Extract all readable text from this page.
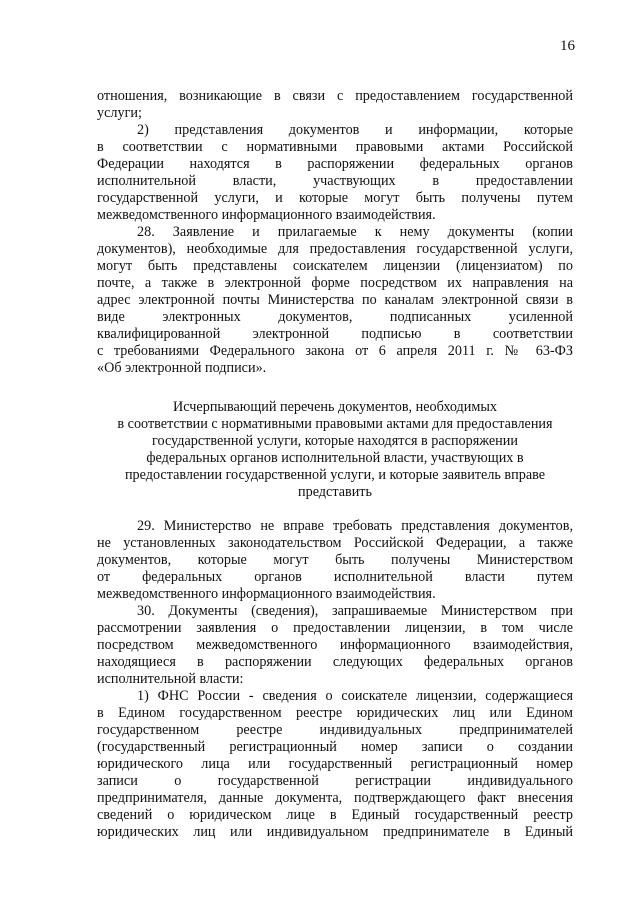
16
отношения, возникающие в связи с предоставлением государственной
услуги;
2) представления документов и информации, которые
в соответствии с нормативными правовыми актами Российской
Федерации находятся в распоряжении федеральных органов
исполнительной власти, участвующих в предоставлении
государственной услуги, и которые могут быть получены путем
межведомственного информационного взаимодействия.
28. Заявление и прилагаемые к нему документы (копии
документов), необходимые для предоставления государственной услуги,
могут быть представлены соискателем лицензии (лицензиатом) по
почте, а также в электронной форме посредством их направления на
адрес электронной почты Министерства по каналам электронной связи в
виде электронных документов, подписанных усиленной
квалифицированной электронной подписью в соответствии
с требованиями Федерального закона от 6 апреля 2011 г. № 63-ФЗ
«Об электронной подписи».
Исчерпывающий перечень документов, необходимых
в соответствии с нормативными правовыми актами для предоставления
государственной услуги, которые находятся в распоряжении
федеральных органов исполнительной власти, участвующих в
предоставлении государственной услуги, и которые заявитель вправе
представить
29. Министерство не вправе требовать представления документов,
не установленных законодательством Российской Федерации, а также
документов, которые могут быть получены Министерством
от федеральных органов исполнительной власти путем
межведомственного информационного взаимодействия.
30. Документы (сведения), запрашиваемые Министерством при
рассмотрении заявления о предоставлении лицензии, в том числе
посредством межведомственного информационного взаимодействия,
находящиеся в распоряжении следующих федеральных органов
исполнительной власти:
1) ФНС России - сведения о соискателе лицензии, содержащиеся
в Едином государственном реестре юридических лиц или Едином
государственном реестре индивидуальных предпринимателей
(государственный регистрационный номер записи о создании
юридического лица или государственный регистрационный номер
записи о государственной регистрации индивидуального
предпринимателя, данные документа, подтверждающего факт внесения
сведений о юридическом лице в Единый государственный реестр
юридических лиц или индивидуальном предпринимателе в Единый
